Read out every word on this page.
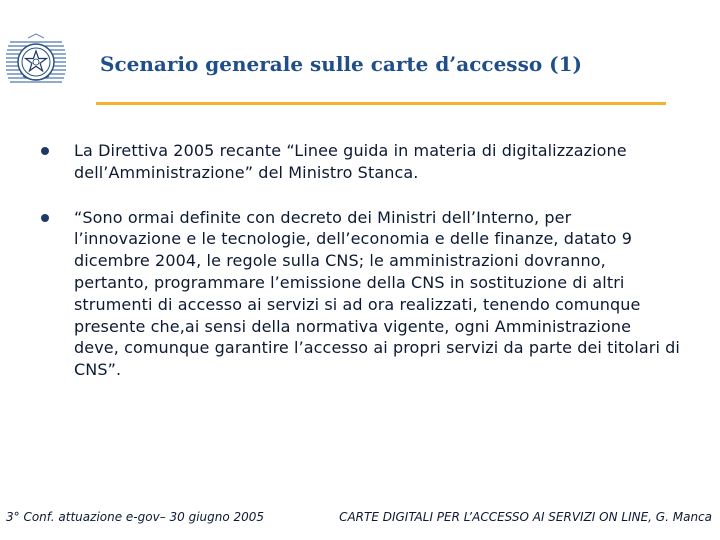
Scenario generale sulle carte d’accesso (1)
La Direttiva 2005 recante “Linee guida in materia di digitalizzazione dell’Amministrazione” del Ministro Stanca.
“Sono ormai definite con decreto dei Ministri dell’Interno, per l’innovazione e le tecnologie, dell’economia e delle finanze, datato 9 dicembre 2004, le regole sulla CNS; le amministrazioni dovranno, pertanto, programmare l’emissione della CNS in sostituzione di altri strumenti di accesso ai servizi si ad ora realizzati, tenendo comunque presente che,ai sensi della normativa vigente, ogni Amministrazione deve, comunque garantire l’accesso ai propri servizi da parte dei titolari di CNS”.
3° Conf. attuazione e-gov– 30 giugno 2005	CARTE DIGITALI PER L’ACCESSO AI SERVIZI ON LINE, G. Manca
